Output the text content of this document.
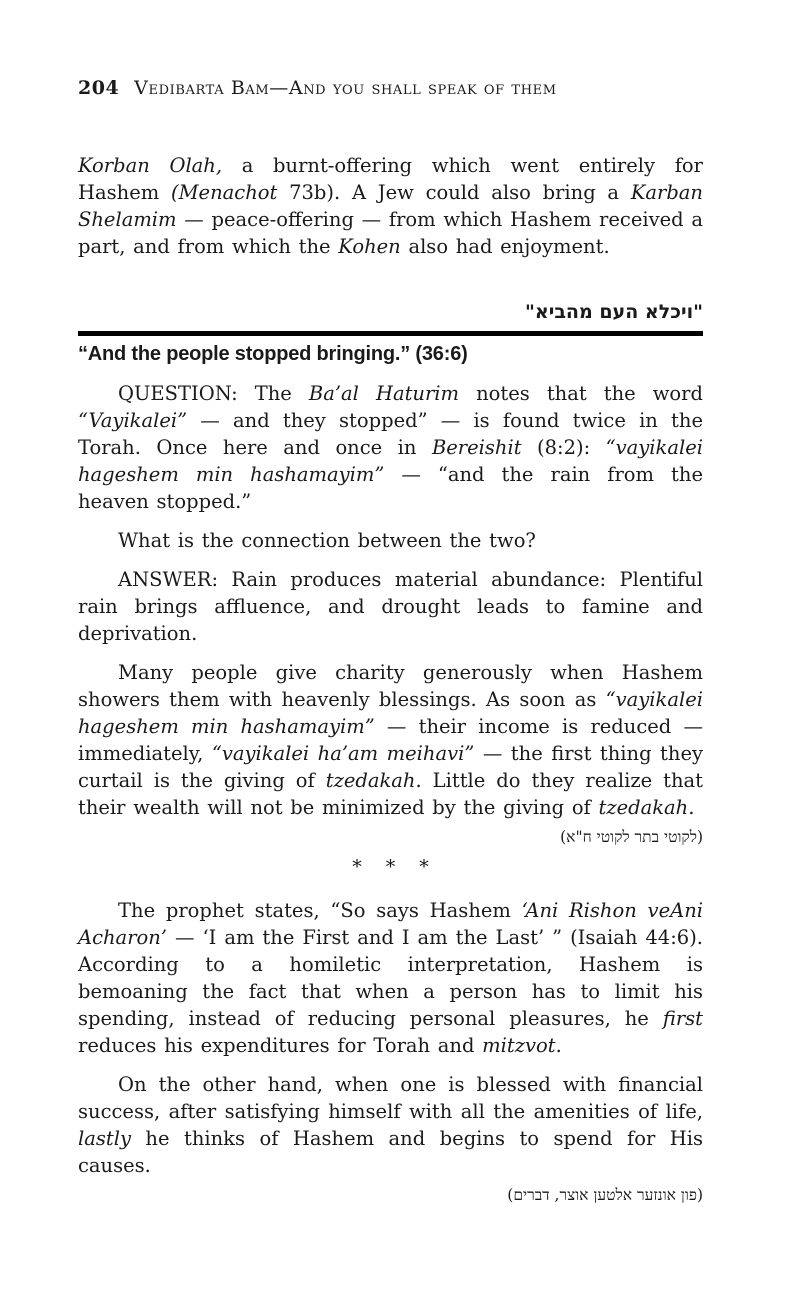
204 Vedibarta Bam—And you shall speak of them

Korban Olah, a burnt-offering which went entirely for Hashem (Menachot 73b). A Jew could also bring a Karban Shelamim — peace-offering — from which Hashem received a part, and from which the Kohen also had enjoyment.

"ויכלא העם מהביא"
“And the people stopped bringing.” (36:6)

QUESTION: The Ba’al Haturim notes that the word “Vayikalei” — and they stopped” — is found twice in the Torah. Once here and once in Bereishit (8:2): “vayikalei hageshem min hashamayim” — “and the rain from the heaven stopped.”

What is the connection between the two?

ANSWER: Rain produces material abundance: Plentiful rain brings affluence, and drought leads to famine and deprivation.

Many people give charity generously when Hashem showers them with heavenly blessings. As soon as “vayikalei hageshem min hashamayim” — their income is reduced — immediately, “vayikalei ha’am meihavi” — the first thing they curtail is the giving of tzedakah. Little do they realize that their wealth will not be minimized by the giving of tzedakah.

(לקוטי בתר לקוטי ח"א)
* * *

The prophet states, “So says Hashem ‘Ani Rishon veAni Acharon’ — ‘I am the First and I am the Last’ ” (Isaiah 44:6). According to a homiletic interpretation, Hashem is bemoaning the fact that when a person has to limit his spending, instead of reducing personal pleasures, he first reduces his expenditures for Torah and mitzvot.

On the other hand, when one is blessed with financial success, after satisfying himself with all the amenities of life, lastly he thinks of Hashem and begins to spend for His causes.

(פון אונזער אלטען אוצר, דברים)
